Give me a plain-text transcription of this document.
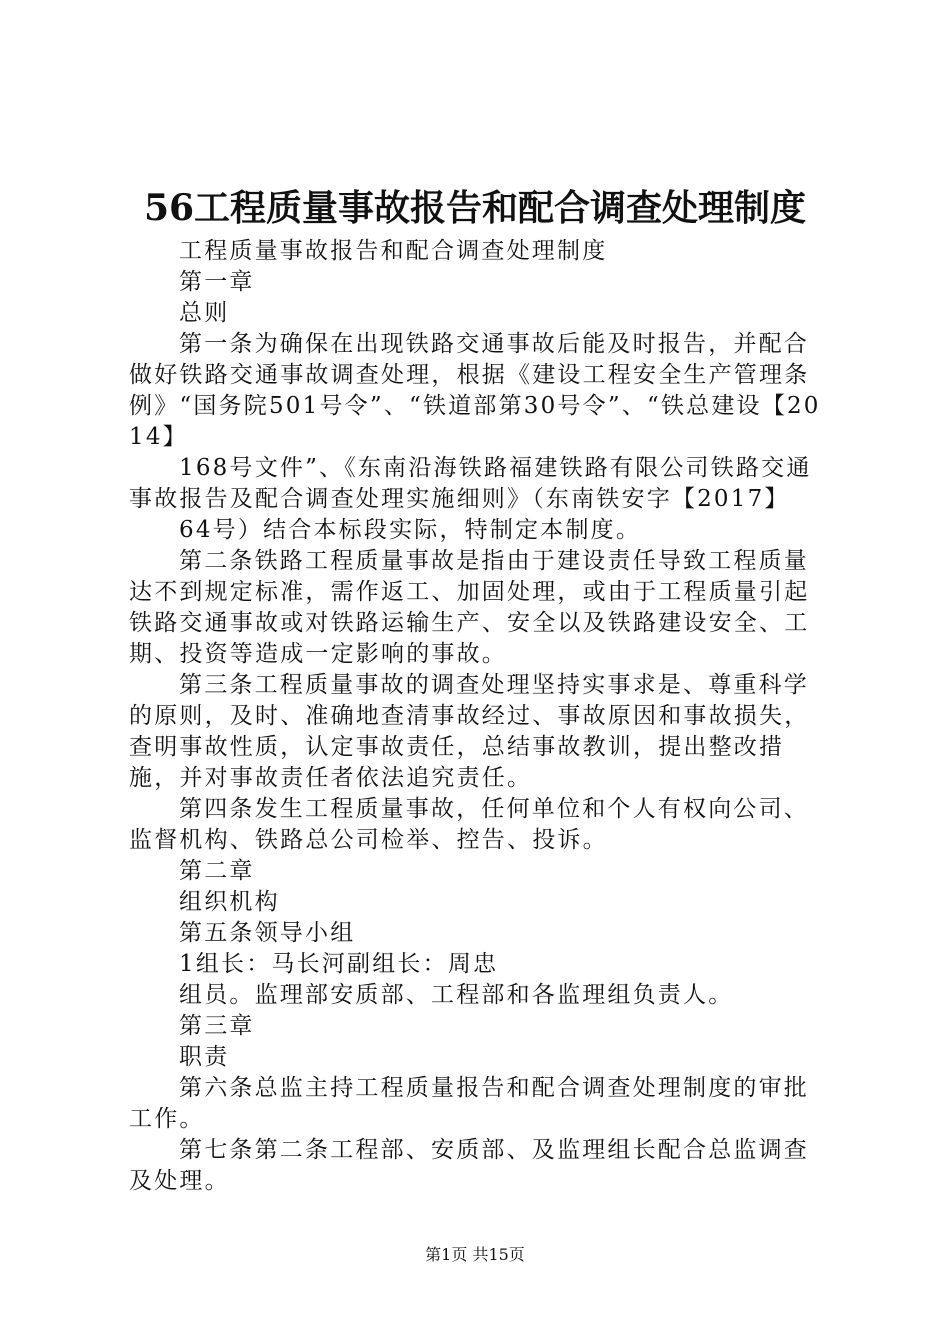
56工程质量事故报告和配合调查处理制度

工程质量事故报告和配合调查处理制度

第一章

总则

第一条为确保在出现铁路交通事故后能及时报告，并配合做好铁路交通事故调查处理，根据《建设工程安全生产管理条例》“国务院501号令”、“铁道部第30号令”、“铁总建设【2014】

168号文件”、《东南沿海铁路福建铁路有限公司铁路交通事故报告及配合调查处理实施细则》（东南铁安字【2017】

64号）结合本标段实际，特制定本制度。

第二条铁路工程质量事故是指由于建设责任导致工程质量达不到规定标准，需作返工、加固处理，或由于工程质量引起铁路交通事故或对铁路运输生产、安全以及铁路建设安全、工期、投资等造成一定影响的事故。

第三条工程质量事故的调查处理坚持实事求是、尊重科学的原则，及时、准确地查清事故经过、事故原因和事故损失，查明事故性质，认定事故责任，总结事故教训，提出整改措施，并对事故责任者依法追究责任。

第四条发生工程质量事故，任何单位和个人有权向公司、监督机构、铁路总公司检举、控告、投诉。

第二章

组织机构

第五条领导小组

1组长：马长河副组长：周忠

组员。监理部安质部、工程部和各监理组负责人。

第三章

职责

第六条总监主持工程质量报告和配合调查处理制度的审批工作。

第七条第二条工程部、安质部、及监理组长配合总监调查及处理。

第1页 共15页
